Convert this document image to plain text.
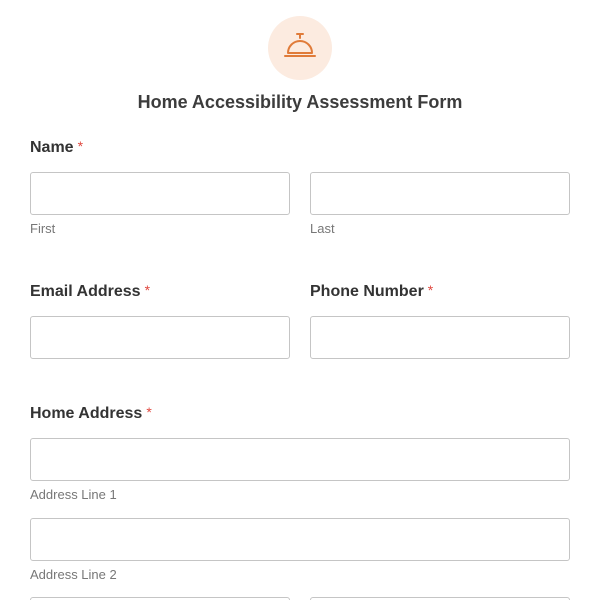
Home Accessibility Assessment Form
Name *
First	Last
Email Address *	Phone Number *
Home Address *
Address Line 1
Address Line 2
